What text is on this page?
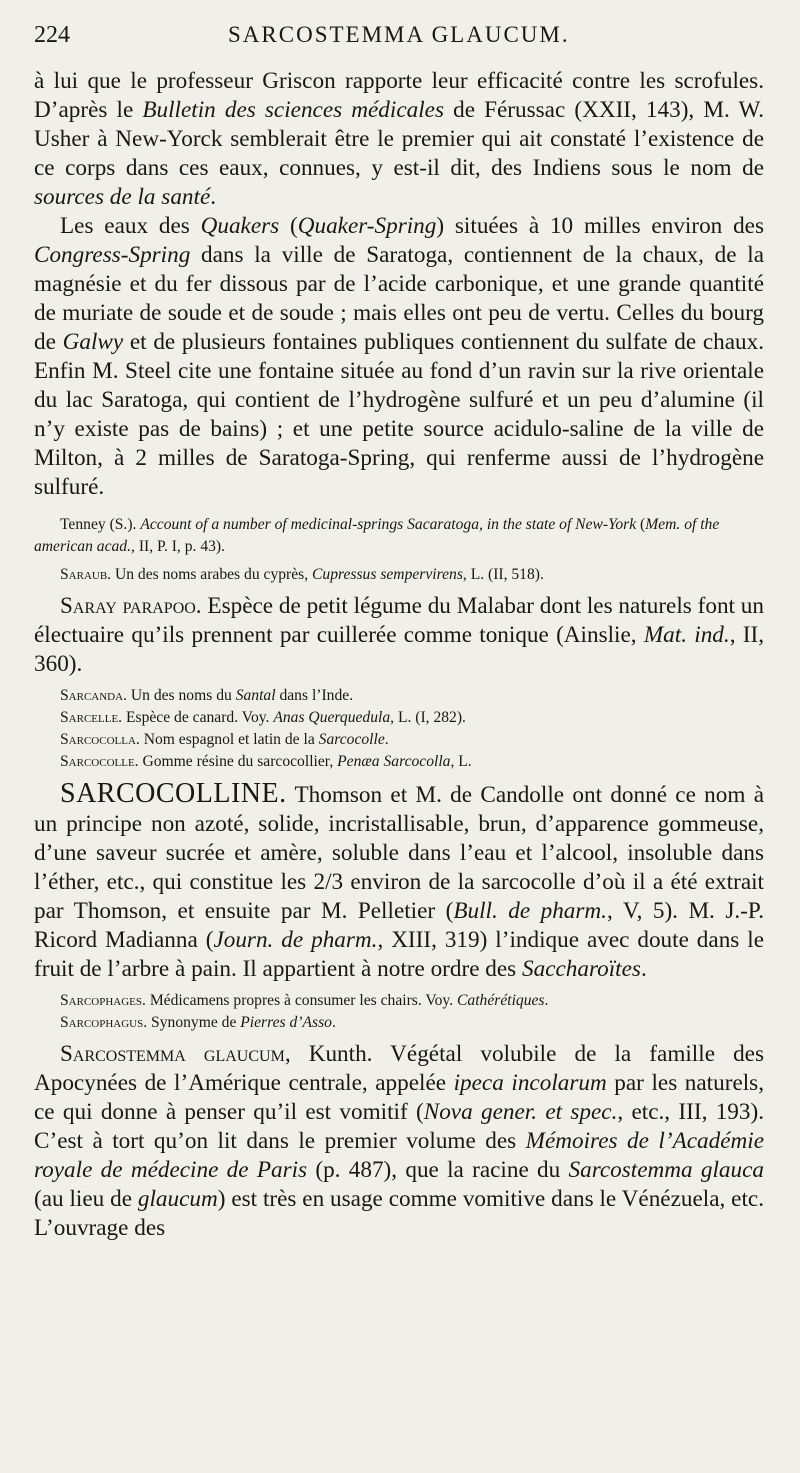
224	SARCOSTEMMA GLAUCUM.

à lui que le professeur Griscon rapporte leur efficacité contre les scrofules. D’après le Bulletin des sciences médicales de Férussac (XXII, 143), M. W. Usher à New-Yorck semblerait être le premier qui ait constaté l’existence de ce corps dans ces eaux, connues, y est-il dit, des Indiens sous le nom de sources de la santé.

Les eaux des Quakers (Quaker-Spring) situées à 10 milles environ des Congress-Spring dans la ville de Saratoga, contiennent de la chaux, de la magnésie et du fer dissous par de l’acide carbonique, et une grande quantité de muriate de soude et de soude ; mais elles ont peu de vertu. Celles du bourg de Galwy et de plusieurs fontaines publiques contiennent du sulfate de chaux. Enfin M. Steel cite une fontaine située au fond d’un ravin sur la rive orientale du lac Saratoga, qui contient de l’hydrogène sulfuré et un peu d’alumine (il n’y existe pas de bains) ; et une petite source acidulo-saline de la ville de Milton, à 2 milles de Saratoga-Spring, qui renferme aussi de l’hydrogène sulfuré.

Tenney (S.). Account of a number of medicinal-springs Sacaratoga, in the state of New-York (Mem. of the american acad., II, P. I, p. 43).

Saraub. Un des noms arabes du cyprès, Cupressus sempervirens, L. (II, 518).

Saray parapoo. Espèce de petit légume du Malabar dont les naturels font un électuaire qu’ils prennent par cuillerée comme tonique (Ainslie, Mat. ind., II, 360).

Sarcanda. Un des noms du Santal dans l’Inde.

Sarcelle. Espèce de canard. Voy. Anas Querquedula, L. (I, 282).

Sarcocolla. Nom espagnol et latin de la Sarcocolle.

Sarcocolle. Gomme résine du sarcocollier, Penæa Sarcocolla, L.

SARCOCOLLINE. Thomson et M. de Candolle ont donné ce nom à un principe non azoté, solide, incristallisable, brun, d’apparence gommeuse, d’une saveur sucrée et amère, soluble dans l’eau et l’alcool, insoluble dans l’éther, etc., qui constitue les 2/3 environ de la sarcocolle d’où il a été extrait par Thomson, et ensuite par M. Pelletier (Bull. de pharm., V, 5). M. J.-P. Ricord Madianna (Journ. de pharm., XIII, 319) l’indique avec doute dans le fruit de l’arbre à pain. Il appartient à notre ordre des Saccharoïtes.

Sarcophages. Médicamens propres à consumer les chairs. Voy. Cathérétiques.

Sarcophagus. Synonyme de Pierres d’Asso.

Sarcostemma glaucum, Kunth. Végétal volubile de la famille des Apocynées de l’Amérique centrale, appelée ipeca incolarum par les naturels, ce qui donne à penser qu’il est vomitif (Nova gener. et spec., etc., III, 193). C’est à tort qu’on lit dans le premier volume des Mémoires de l’Académie royale de médecine de Paris (p. 487), que la racine du Sarcostemma glauca (au lieu de glaucum) est très en usage comme vomitive dans le Vénézuela, etc. L’ouvrage des
